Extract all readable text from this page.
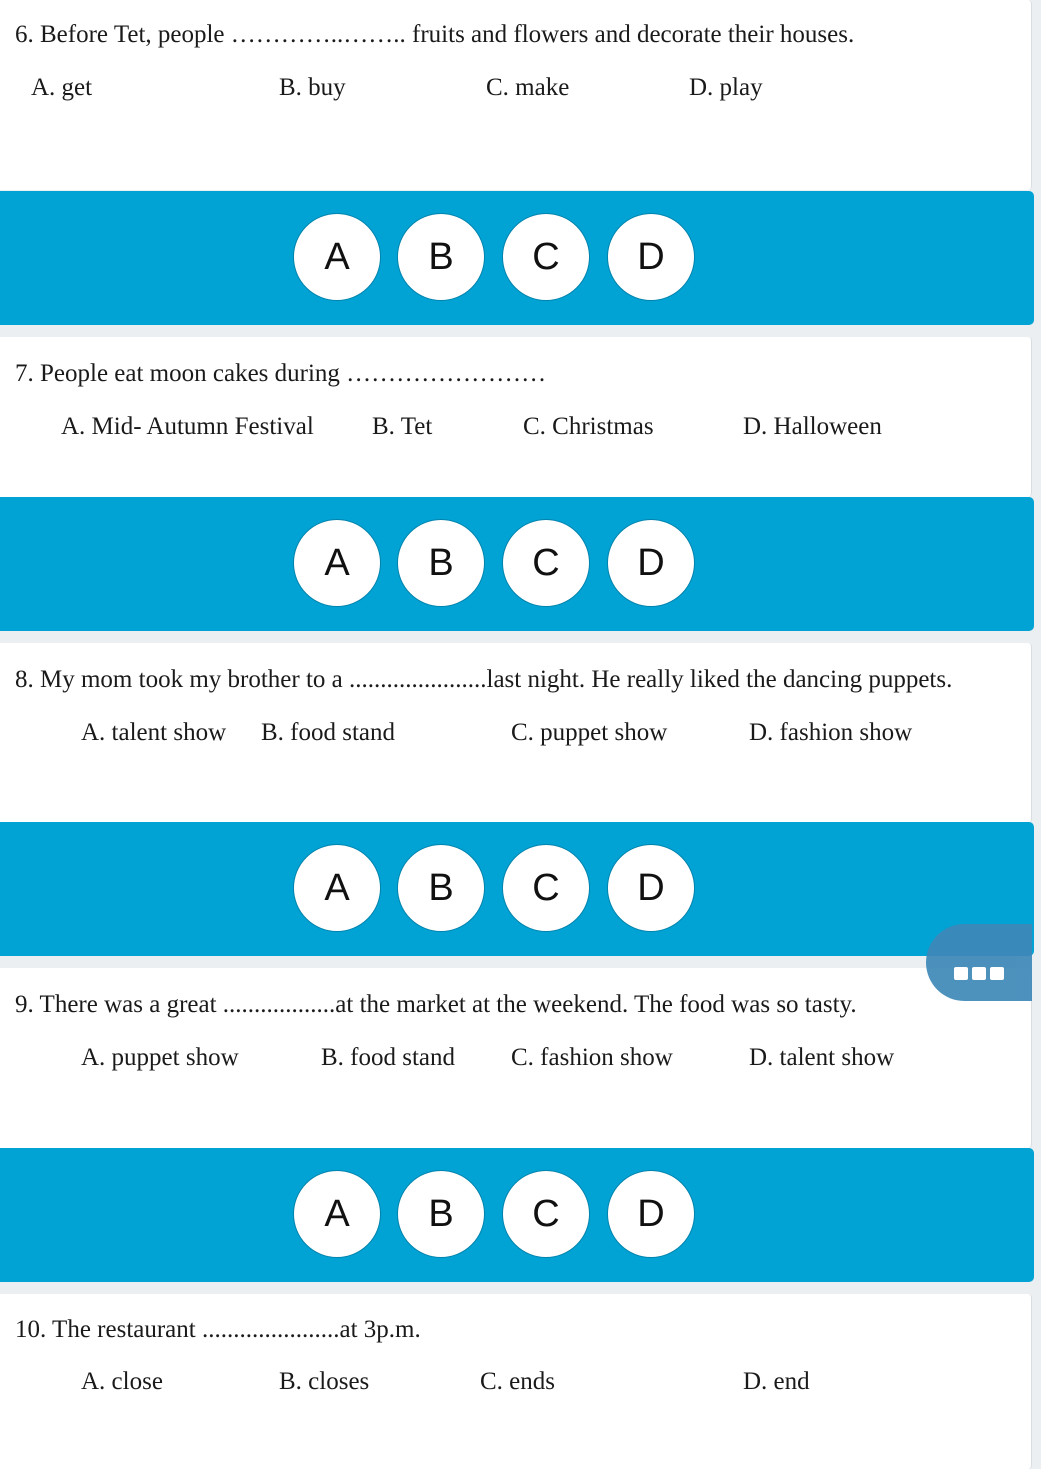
6. Before Tet, people …………..…….. fruits and flowers and decorate their houses.
A. get	B. buy	C. make	D. play
A	B	C	D
7. People eat moon cakes during ……………………
A. Mid- Autumn Festival B. Tet	C. Christmas	D. Halloween
A	B	C	D
8. My mom took my brother to a ......................last night. He really liked the dancing puppets.
A. talent show B. food stand	C. puppet show	D. fashion show
A	B	C	D
9. There was a great ..................at the market at the weekend. The food was so tasty.
A. puppet show	B. food stand C. fashion show	D. talent show
A	B	C	D
10. The restaurant ......................at 3p.m.
A. close	B. closes	C. ends	D. end
